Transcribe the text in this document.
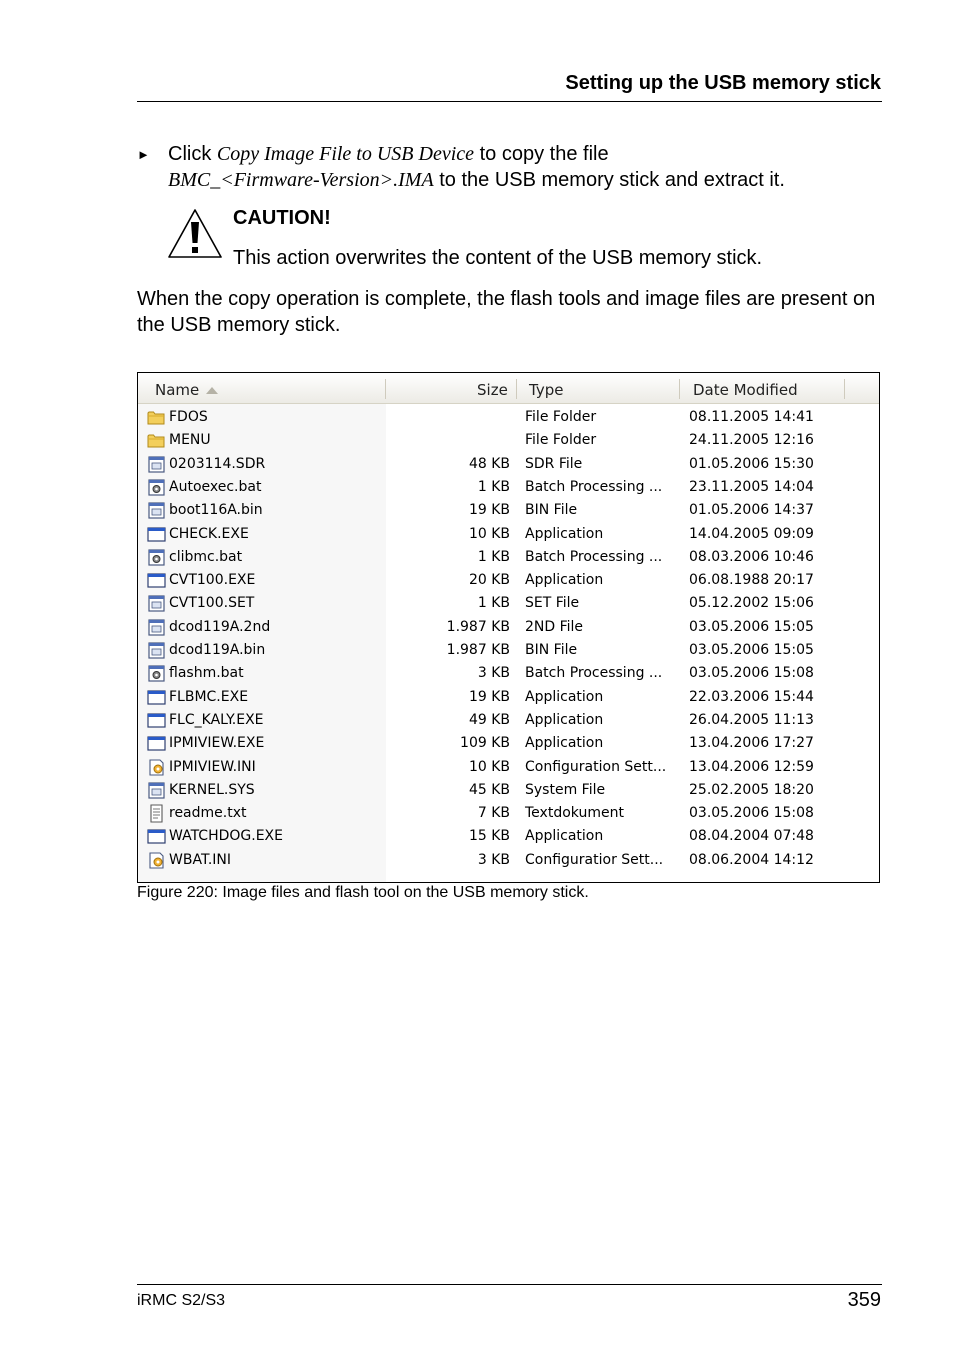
Setting up the USB memory stick
► Click Copy Image File to USB Device to copy the file
BMC_<Firmware-Version>.IMA to the USB memory stick and extract it.
CAUTION!
This action overwrites the content of the USB memory stick.
When the copy operation is complete, the flash tools and image files are present on the USB memory stick.
Name	Size Type	Date Modified
FDOS	File Folder	08.11.2005 14:41
MENU	File Folder	24.11.2005 12:16
0203114.SDR	48 KB SDR File	01.05.2006 15:30
Autoexec.bat	1 KB Batch Processing ... 23.11.2005 14:04
boot116A.bin	19 KB BIN File	01.05.2006 14:37
CHECK.EXE	10 KB Application	14.04.2005 09:09
clibmc.bat	1 KB Batch Processing ... 08.03.2006 10:46
CVT100.EXE	20 KB Application	06.08.1988 20:17
CVT100.SET	1 KB SET File	05.12.2002 15:06
dcod119A.2nd	1.987 KB 2ND File	03.05.2006 15:05
dcod119A.bin	1.987 KB BIN File	03.05.2006 15:05
flashm.bat	3 KB Batch Processing ... 03.05.2006 15:08
FLBMC.EXE	19 KB Application	22.03.2006 15:44
FLC_KALY.EXE	49 KB Application	26.04.2005 11:13
IPMIVIEW.EXE	109 KB Application	13.04.2006 17:27
IPMIVIEW.INI	10 KB Configuration Sett... 13.04.2006 12:59
KERNEL.SYS	45 KB System File	25.02.2005 18:20
readme.txt	7 KB Textdokument	03.05.2006 15:08
WATCHDOG.EXE	15 KB Application	08.04.2004 07:48
WBAT.INI	3 KB Configuratior Sett... 08.06.2004 14:12
Figure 220: Image files and flash tool on the USB memory stick.
iRMC S2/S3	359
